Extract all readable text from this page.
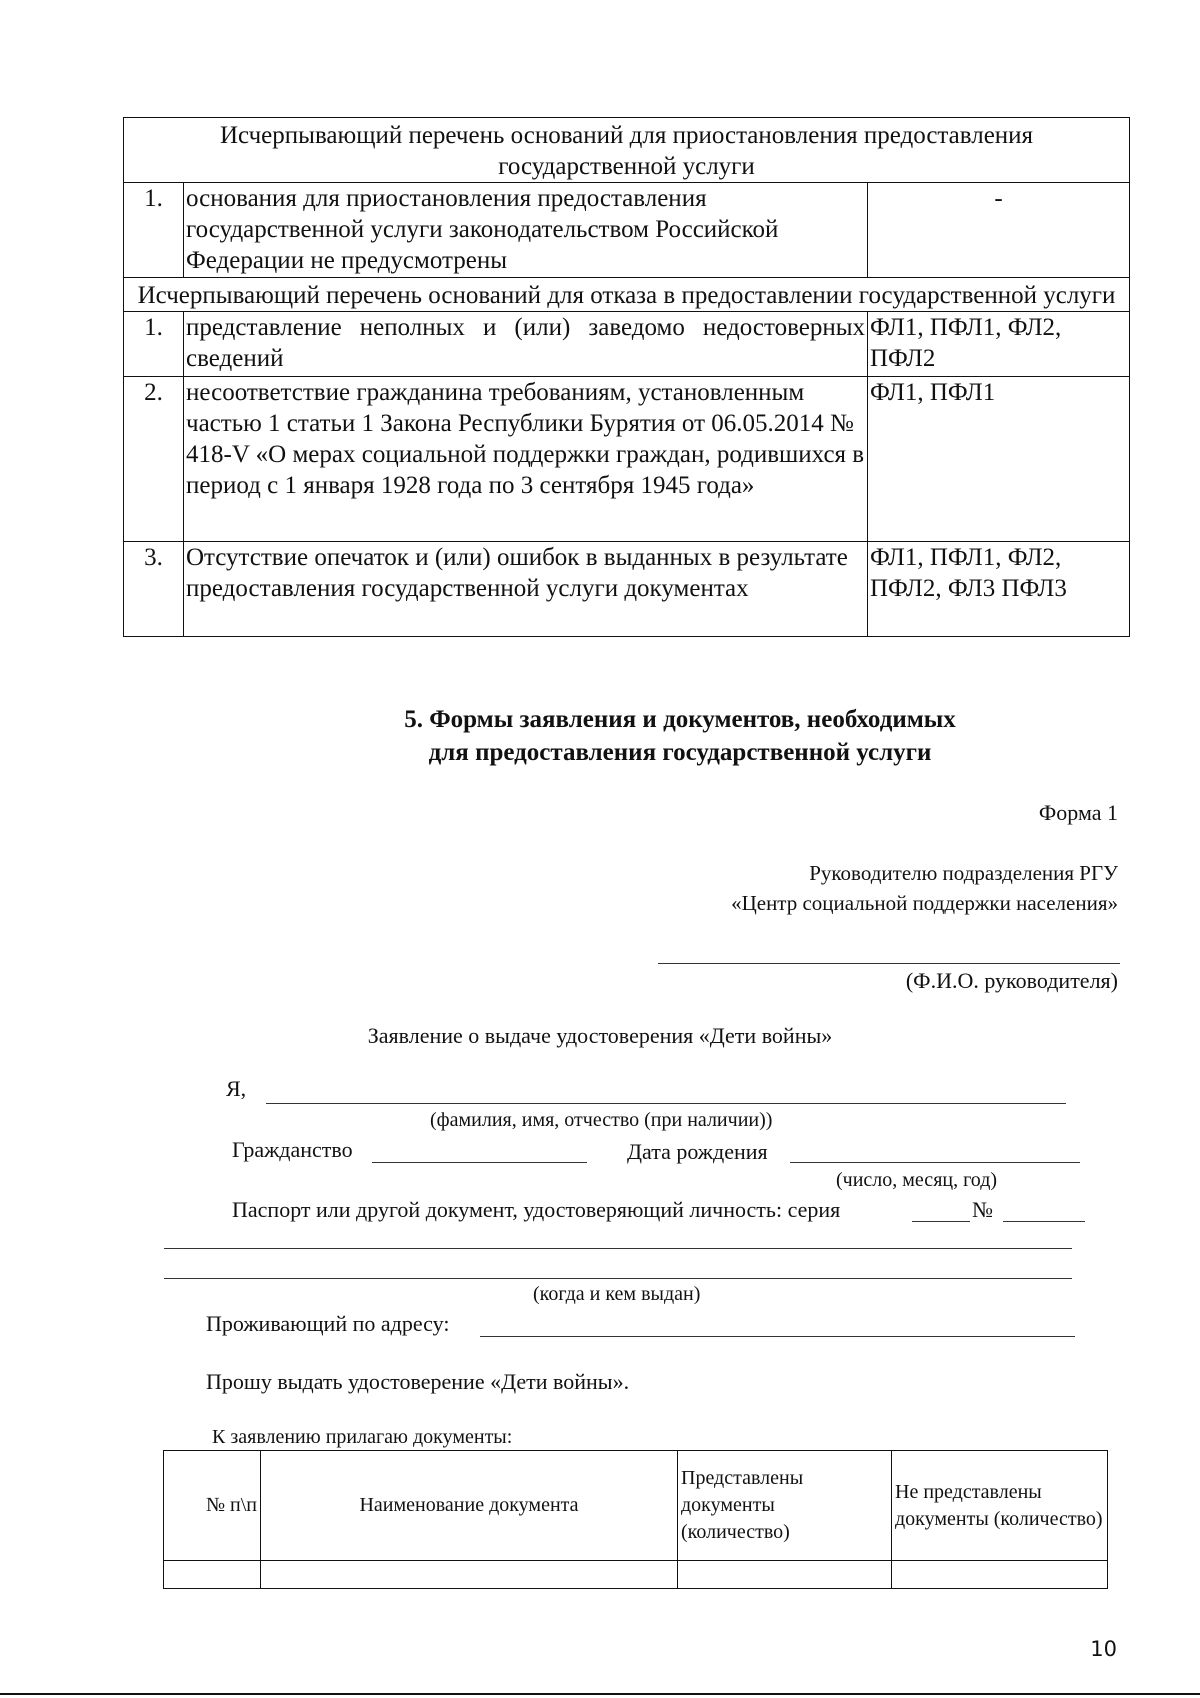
Исчерпывающий перечень оснований для приостановления предоставления государственной услуги		
1.	основания для приостановления предоставления государственной услуги законодательством Российской Федерации не предусмотрены	-
Исчерпывающий перечень оснований для отказа в предоставлении государственной услуги		
1.	представление неполных и (или) заведомо недостоверных сведений	ФЛ1, ПФЛ1, ФЛ2, ПФЛ2
2.	несоответствие гражданина требованиям, установленным частью 1 статьи 1 Закона Республики Бурятия от 06.05.2014 № 418-V «О мерах социальной поддержки граждан, родившихся в период с 1 января 1928 года по 3 сентября 1945 года»	ФЛ1, ПФЛ1
3.	Отсутствие опечаток и (или) ошибок в выданных в результате предоставления государственной услуги документах	ФЛ1, ПФЛ1, ФЛ2, ПФЛ2, ФЛ3 ПФЛ3
5. Формы заявления и документов, необходимых
для предоставления государственной услуги
Форма 1
Руководителю подразделения РГУ
«Центр социальной поддержки населения»
(Ф.И.О. руководителя)
Заявление о выдаче удостоверения «Дети войны»
Я,
(фамилия, имя, отчество (при наличии))
Гражданство	Дата рождения
(число, месяц, год)
Паспорт или другой документ, удостоверяющий личность: серия	№
(когда и кем выдан)
Проживающий по адресу:
Прошу выдать удостоверение «Дети войны».
К заявлению прилагаю документы:
№ п\п	Наименование документа	Представлены документы (количество)	Не представлены документы (количество)

10
